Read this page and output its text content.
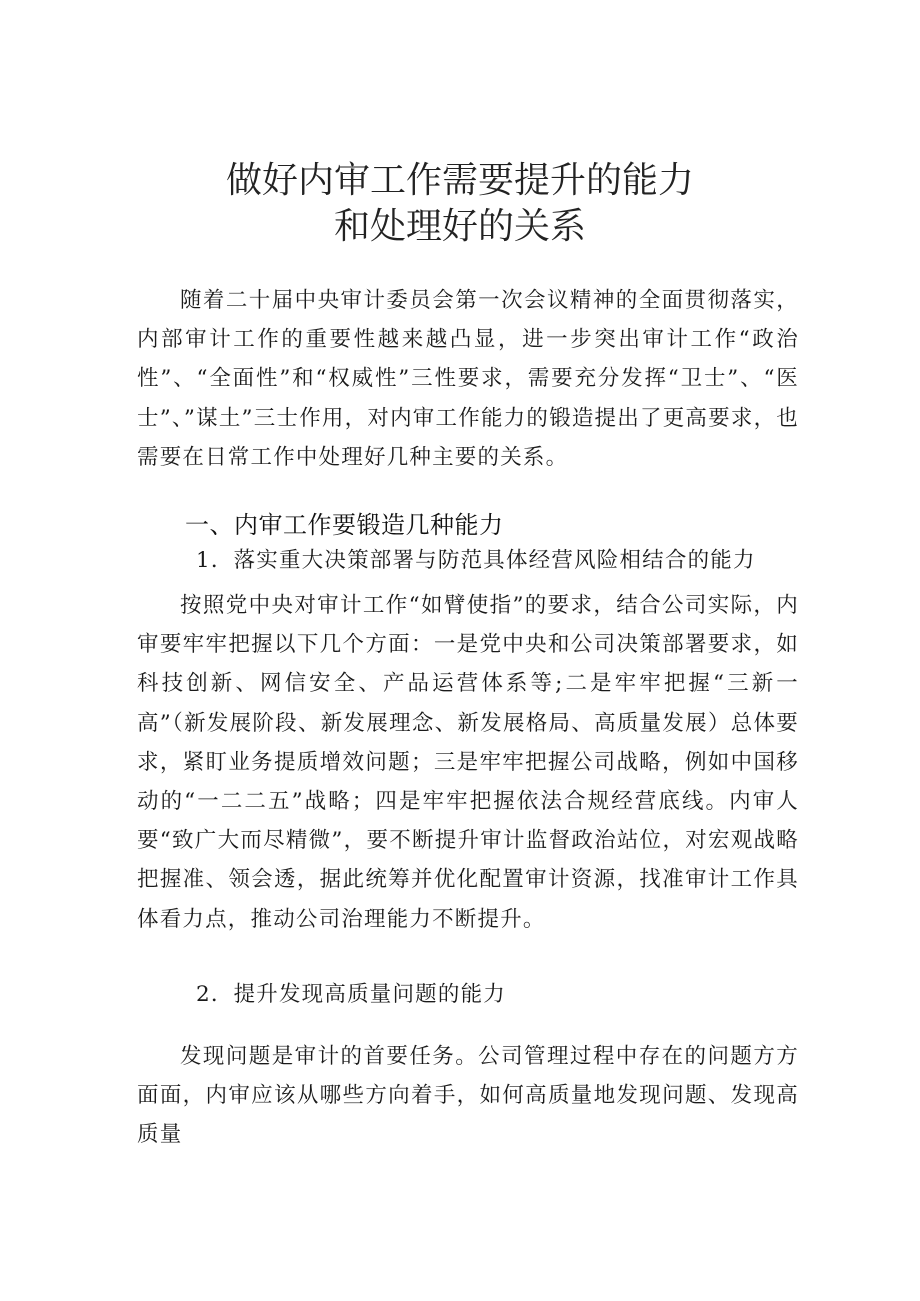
做好内审工作需要提升的能力
和处理好的关系

随着二十届中央审计委员会第一次会议精神的全面贯彻落实，内部审计工作的重要性越来越凸显，进一步突出审计工作“政治性”、“全面性”和“权威性”三性要求，需要充分发挥“卫士”、“医士”、”谋土”三士作用，对内审工作能力的锻造提出了更高要求，也需要在日常工作中处理好几种主要的关系。

一、内审工作要锻造几种能力
1．落实重大决策部署与防范具体经营风险相结合的能力

按照党中央对审计工作“如臂使指”的要求，结合公司实际，内审要牢牢把握以下几个方面：一是党中央和公司决策部署要求，如科技创新、网信安全、产品运营体系等;二是牢牢把握“三新一高”（新发展阶段、新发展理念、新发展格局、高质量发展）总体要求，紧盯业务提质增效问题；三是牢牢把握公司战略，例如中国移动的“一二二五”战略；四是牢牢把握依法合规经营底线。内审人要“致广大而尽精微”，要不断提升审计监督政治站位，对宏观战略把握准、领会透，据此统筹并优化配置审计资源，找准审计工作具体看力点，推动公司治理能力不断提升。

2．提升发现高质量问题的能力

发现问题是审计的首要任务。公司管理过程中存在的问题方方面面，内审应该从哪些方向着手，如何高质量地发现问题、发现高质量
